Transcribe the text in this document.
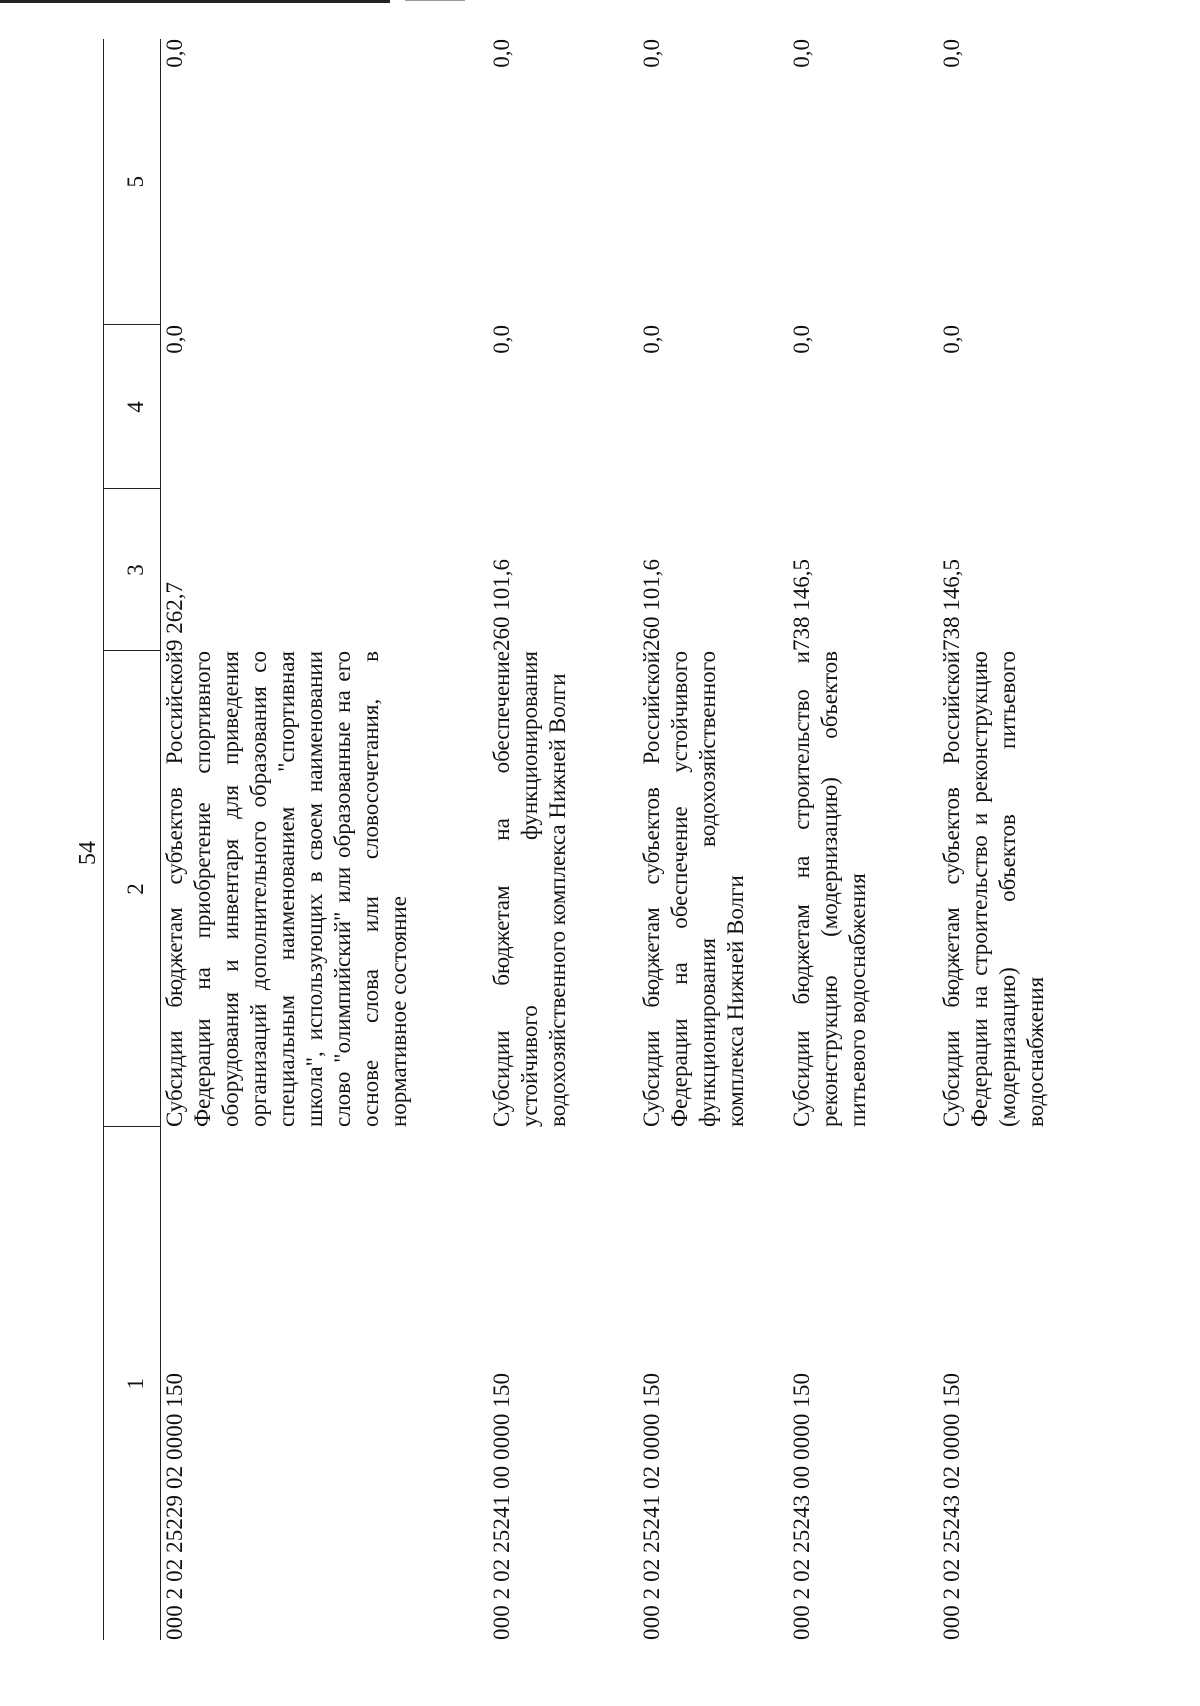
54
1	2	3	4	5
000 2 02 25229 02 0000 150	Субсидии бюджетам субъектов Российской Федерации на приобретение спортивного оборудования и инвентаря для приведения организаций дополнительного образования со специальным наименованием "спортивная школа", использующих в своем наименовании слово "олимпийский" или образованные на его основе слова или словосочетания, в нормативное состояние	9 262,7	0,0	0,0
000 2 02 25241 00 0000 150	Субсидии бюджетам на обеспечение устойчивого функционирования водохозяйственного комплекса Нижней Волги	260 101,6	0,0	0,0
000 2 02 25241 02 0000 150	Субсидии бюджетам субъектов Российской Федерации на обеспечение устойчивого функционирования водохозяйственного комплекса Нижней Волги	260 101,6	0,0	0,0
000 2 02 25243 00 0000 150	Субсидии бюджетам на строительство и реконструкцию (модернизацию) объектов питьевого водоснабжения	738 146,5	0,0	0,0
000 2 02 25243 02 0000 150	Субсидии бюджетам субъектов Российской Федерации на строительство и реконструкцию (модернизацию) объектов питьевого водоснабжения	738 146,5	0,0	0,0
